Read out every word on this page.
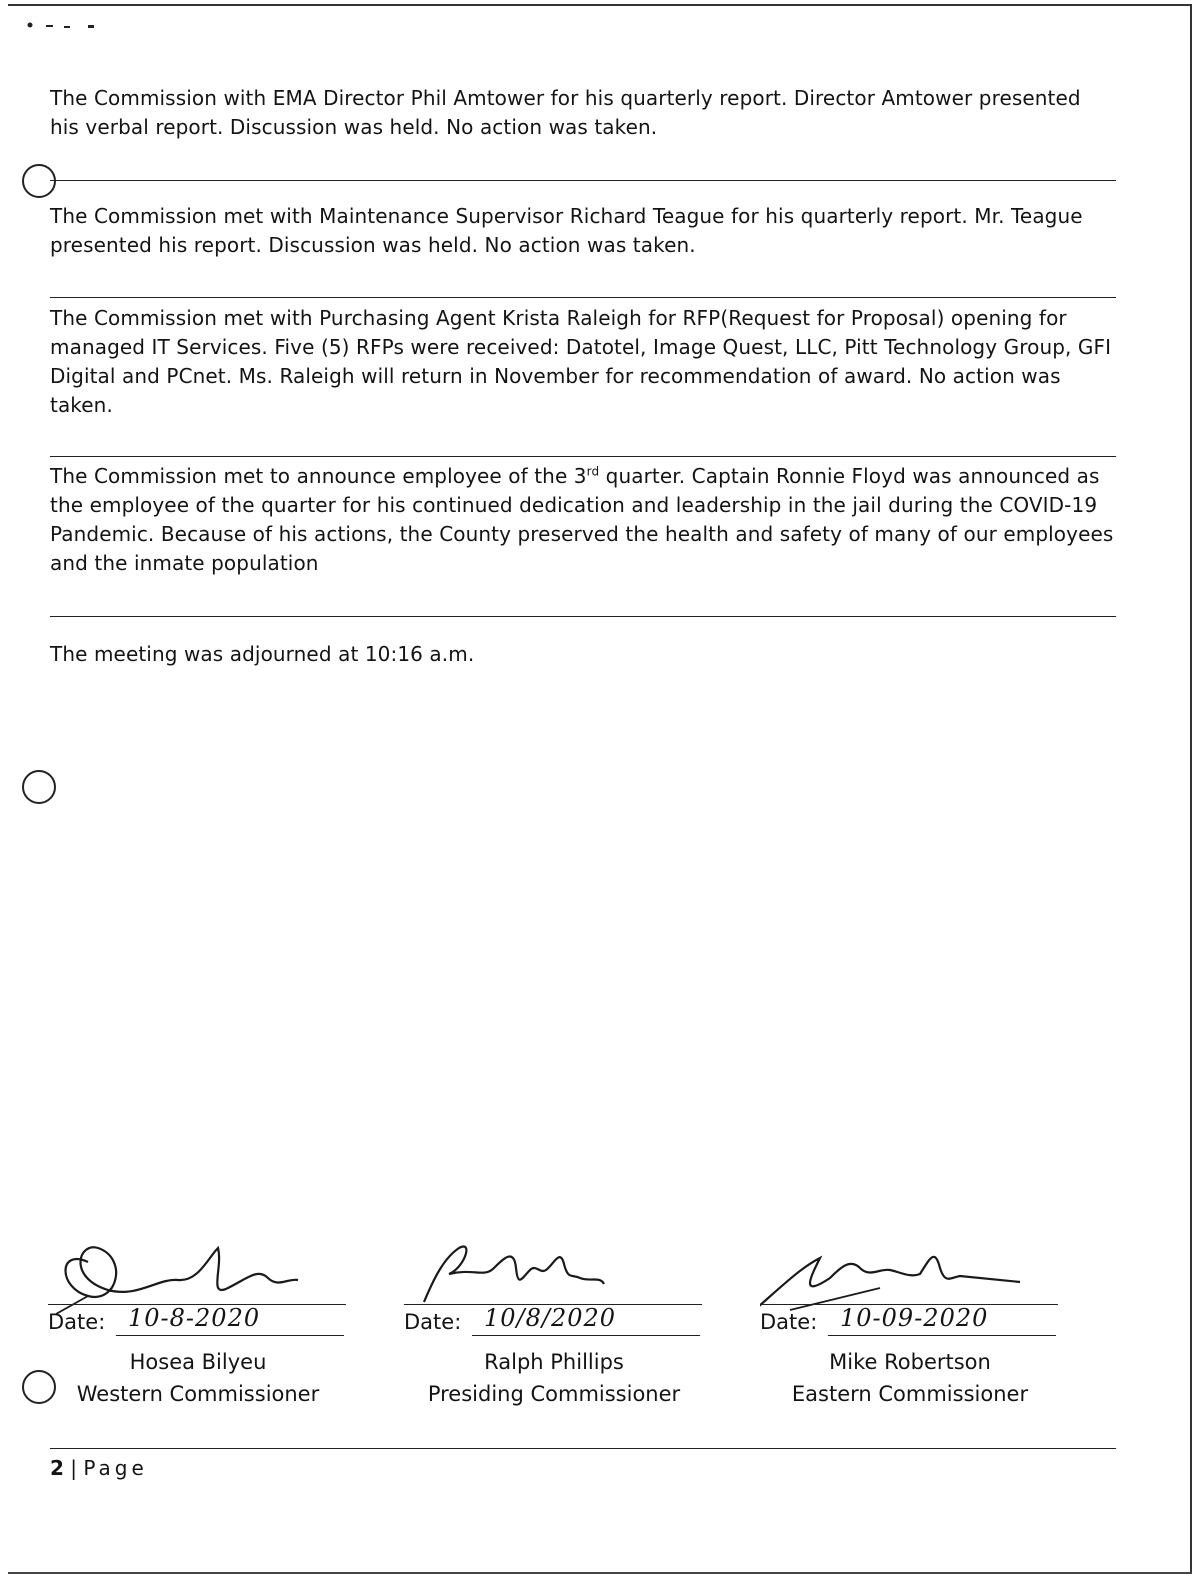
The Commission with EMA Director Phil Amtower for his quarterly report. Director Amtower presented his verbal report. Discussion was held. No action was taken.

The Commission met with Maintenance Supervisor Richard Teague for his quarterly report. Mr. Teague presented his report. Discussion was held. No action was taken.

The Commission met with Purchasing Agent Krista Raleigh for RFP(Request for Proposal) opening for managed IT Services. Five (5) RFPs were received: Datotel, Image Quest, LLC, Pitt Technology Group, GFI Digital and PCnet. Ms. Raleigh will return in November for recommendation of award. No action was taken.

The Commission met to announce employee of the 3rd quarter. Captain Ronnie Floyd was announced as the employee of the quarter for his continued dedication and leadership in the jail during the COVID-19 Pandemic. Because of his actions, the County preserved the health and safety of many of our employees and the inmate population

The meeting was adjourned at 10:16 a.m.

Date: 10-8-2020
Hosea Bilyeu
Western Commissioner
Date: 10/8/2020
Ralph Phillips
Presiding Commissioner
Date: 10-09-2020
Mike Robertson
Eastern Commissioner
2 | Page
